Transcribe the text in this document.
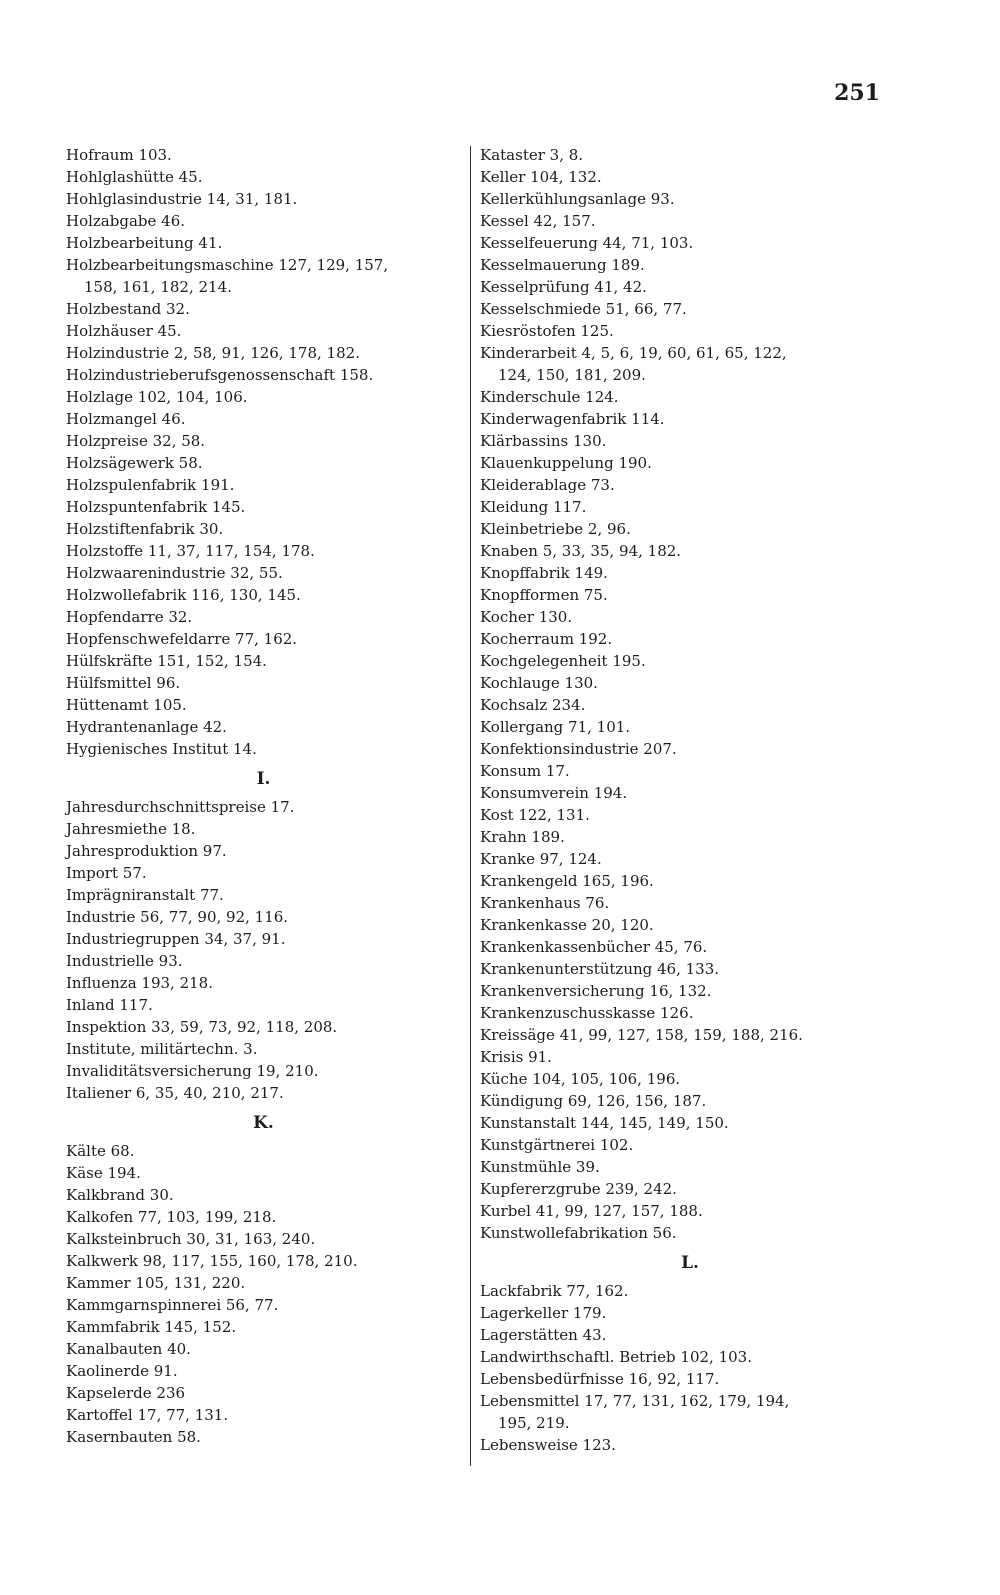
251
Hofraum 103.
Hohlglashütte 45.
Hohlglasindustrie 14, 31, 181.
Holzabgabe 46.
Holzbearbeitung 41.
Holzbearbeitungsmaschine 127, 129, 157,
158, 161, 182, 214.
Holzbestand 32.
Holzhäuser 45.
Holzindustrie 2, 58, 91, 126, 178, 182.
Holzindustrieberufsgenossenschaft 158.
Holzlage 102, 104, 106.
Holzmangel 46.
Holzpreise 32, 58.
Holzsägewerk 58.
Holzspulenfabrik 191.
Holzspuntenfabrik 145.
Holzstiftenfabrik 30.
Holzstoffe 11, 37, 117, 154, 178.
Holzwaarenindustrie 32, 55.
Holzwollefabrik 116, 130, 145.
Hopfendarre 32.
Hopfenschwefeldarre 77, 162.
Hülfskräfte 151, 152, 154.
Hülfsmittel 96.
Hüttenamt 105.
Hydrantenanlage 42.
Hygienisches Institut 14.
I.
Jahresdurchschnittspreise 17.
Jahresmiethe 18.
Jahresproduktion 97.
Import 57.
Imprägniranstalt 77.
Industrie 56, 77, 90, 92, 116.
Industriegruppen 34, 37, 91.
Industrielle 93.
Influenza 193, 218.
Inland 117.
Inspektion 33, 59, 73, 92, 118, 208.
Institute, militärtechn. 3.
Invaliditätsversicherung 19, 210.
Italiener 6, 35, 40, 210, 217.
K.
Kälte 68.
Käse 194.
Kalkbrand 30.
Kalkofen 77, 103, 199, 218.
Kalksteinbruch 30, 31, 163, 240.
Kalkwerk 98, 117, 155, 160, 178, 210.
Kammer 105, 131, 220.
Kammgarnspinnerei 56, 77.
Kammfabrik 145, 152.
Kanalbauten 40.
Kaolinerde 91.
Kapselerde 236
Kartoffel 17, 77, 131.
Kasernbauten 58.
Kataster 3, 8.
Keller 104, 132.
Kellerkühlungsanlage 93.
Kessel 42, 157.
Kesselfeuerung 44, 71, 103.
Kesselmauerung 189.
Kesselprüfung 41, 42.
Kesselschmiede 51, 66, 77.
Kiesröstofen 125.
Kinderarbeit 4, 5, 6, 19, 60, 61, 65, 122,
124, 150, 181, 209.
Kinderschule 124.
Kinderwagenfabrik 114.
Klärbassins 130.
Klauenkuppelung 190.
Kleiderablage 73.
Kleidung 117.
Kleinbetriebe 2, 96.
Knaben 5, 33, 35, 94, 182.
Knopffabrik 149.
Knopfformen 75.
Kocher 130.
Kocherraum 192.
Kochgelegenheit 195.
Kochlauge 130.
Kochsalz 234.
Kollergang 71, 101.
Konfektionsindustrie 207.
Konsum 17.
Konsumverein 194.
Kost 122, 131.
Krahn 189.
Kranke 97, 124.
Krankengeld 165, 196.
Krankenhaus 76.
Krankenkasse 20, 120.
Krankenkassenbücher 45, 76.
Krankenunterstützung 46, 133.
Krankenversicherung 16, 132.
Krankenzuschusskasse 126.
Kreissäge 41, 99, 127, 158, 159, 188, 216.
Krisis 91.
Küche 104, 105, 106, 196.
Kündigung 69, 126, 156, 187.
Kunstanstalt 144, 145, 149, 150.
Kunstgärtnerei 102.
Kunstmühle 39.
Kupfererzgrube 239, 242.
Kurbel 41, 99, 127, 157, 188.
Kunstwollefabrikation 56.
L.
Lackfabrik 77, 162.
Lagerkeller 179.
Lagerstätten 43.
Landwirthschaftl. Betrieb 102, 103.
Lebensbedürfnisse 16, 92, 117.
Lebensmittel 17, 77, 131, 162, 179, 194,
195, 219.
Lebensweise 123.
